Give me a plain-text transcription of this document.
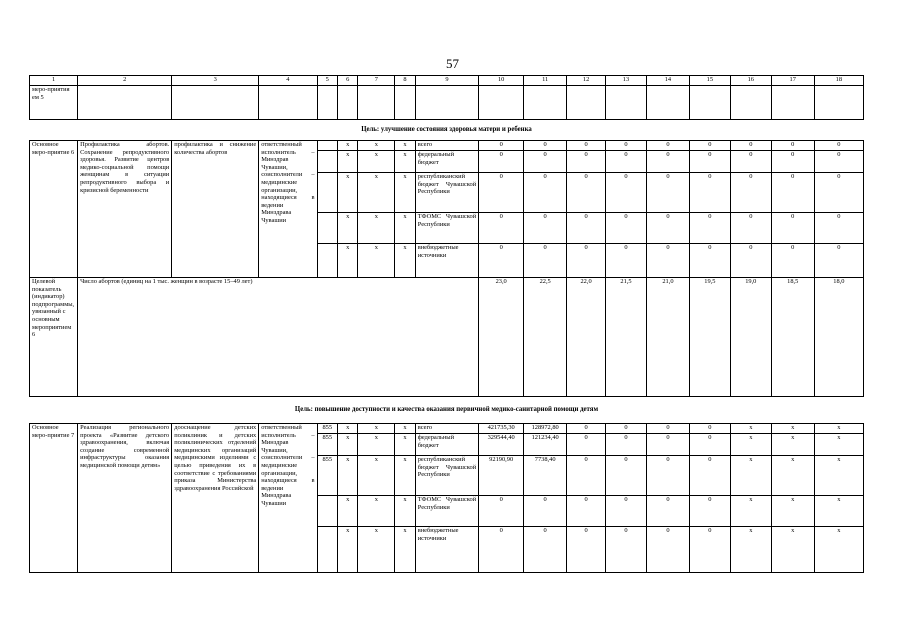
57
1	2	3	4	5	6	7	8	9	10	11	12	13	14	15	16	17	18
меро-приятия ем 5																	
Цель: улучшение состояния здоровья матери и ребенка																	
Основное меро-приятие 6	Профилактика абортов. Сохранение репродуктивного здоровья. Развитие центров медико-социальной помощи женщинам в ситуации репродуктивного выбора и кризисной беременности	профилактика и снижение количества абортов	ответственный исполнитель – Минздрав Чувашии, соисполнители – медицинские организации, находящиеся в ведении Минздрава Чувашии		x	x	x	всего	0	0	0	0	0	0	0	0	0
					x	x	x	федеральный бюджет	0	0	0	0	0	0	0	0	0
					x	x	x	республиканский бюджет Чувашской Республики	0	0	0	0	0	0	0	0	0
					x	x	x	ТФОМС Чувашской Республики	0	0	0	0	0	0	0	0	0
					x	x	x	внебюджетные источники	0	0	0	0	0	0	0	0	0
Целевой показатель (индикатор) подпрограммы, увязанный с основным мероприятием 6	Число абортов (единиц на 1 тыс. женщин в возрасте 15–49 лет)								23,0	22,5	22,0	21,5	21,0	19,5	19,0	18,5	18,0
Цель: повышение доступности и качества оказания первичной медико-санитарной помощи детям																	
Основное меро-приятие 7	Реализация регионального проекта «Развитие детского здравоохранения, включая создание современной инфраструктуры оказания медицинской помощи детям»	дооснащение детских поликлиник и детских поликлинических отделений медицинских организаций медицинскими изделиями с целью приведения их в соответствие с требованиями приказа Министерства здравоохранения Российской	ответственный исполнитель – Минздрав Чувашии, соисполнители – медицинские организации, находящиеся в ведении Минздрава Чувашии	855	x	x	x	всего	421735,30	128972,80	0	0	0	0	x	x	x
				855	x	x	x	федеральный бюджет	329544,40	121234,40	0	0	0	0	x	x	x
				855	x	x	x	республиканский бюджет Чувашской Республики	92190,90	7738,40	0	0	0	0	x	x	x
					x	x	x	ТФОМС Чувашской Республики	0	0	0	0	0	0	x	x	x
					x	x	x	внебюджетные источники	0	0	0	0	0	0	x	x	x
